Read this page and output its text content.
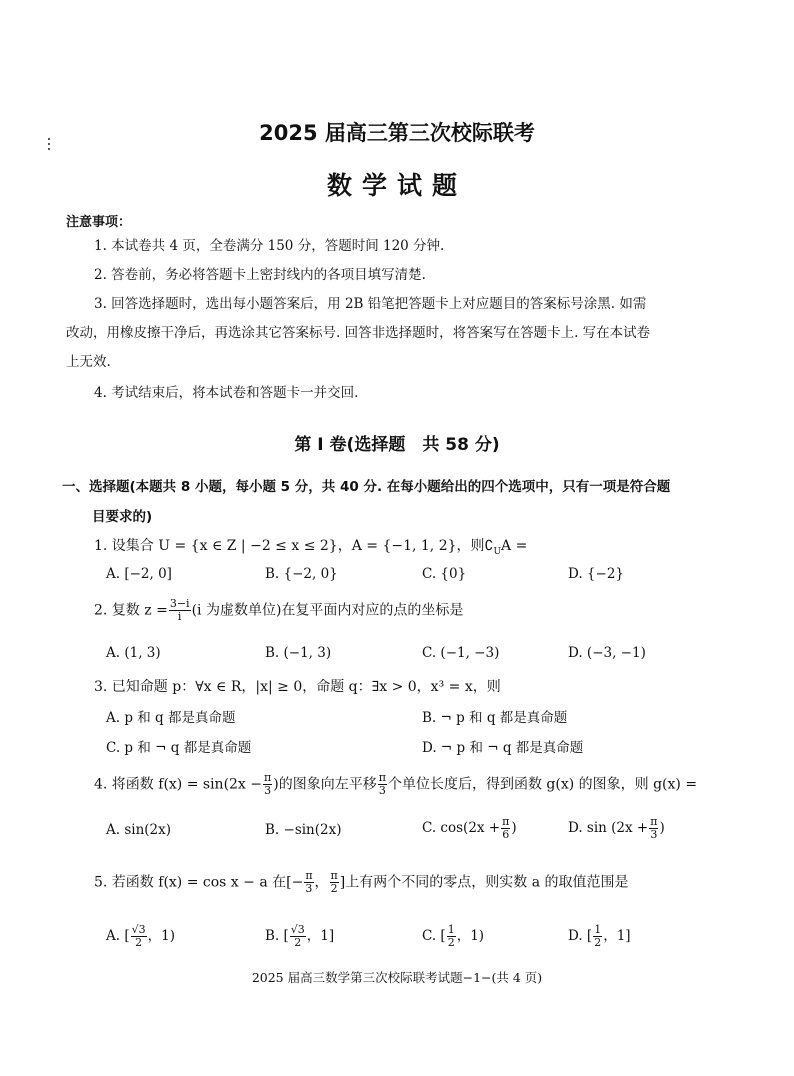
2025 届高三第三次校际联考
数学试题
注意事项：
1. 本试卷共 4 页，全卷满分 150 分，答题时间 120 分钟.
2. 答卷前，务必将答题卡上密封线内的各项目填写清楚.
3. 回答选择题时，选出每小题答案后，用 2B 铅笔把答题卡上对应题目的答案标号涂黑. 如需
改动，用橡皮擦干净后，再选涂其它答案标号. 回答非选择题时，将答案写在答题卡上. 写在本试卷
上无效.
4. 考试结束后，将本试卷和答题卡一并交回.
第 Ⅰ 卷(选择题　共 58 分)
一、选择题(本题共 8 小题，每小题 5 分，共 40 分. 在每小题给出的四个选项中，只有一项是符合题
目要求的)
1. 设集合 U = {x ∈ Z | −2 ≤ x ≤ 2}，A = {−1, 1, 2}，则$∁_UA$ =
A. [−2, 0]	B. {−2, 0}	C. {0}	D. {−2}
2. 复数 $z = \frac{3-i}{i} (i$ 为虚数单位)在复平面内对应的点的坐标是
A. (1, 3)	B. (−1, 3)	C. (−1, −3)	D. (−3, −1)
3. 已知命题 p：∀x ∈ R，|x| ≥ 0，命题 q：∃x > 0，x³ = x，则
A. p 和 q 都是真命题	B. ¬ p 和 q 都是真命题
C. p 和 ¬ q 都是真命题	D. ¬ p 和 ¬ q 都是真命题
4. 将函数 $f(x) = \sin(2x - \frac{\pi}{3}$ )的图象向左平移 $\frac{\pi}{3}$ 个单位长度后，得到函数 g(x) 的图象，则 g(x) =
A. sin(2x)	B. −sin(2x)	C. $\cos(2x + \frac{\pi}{6}$ )	D. $\sin (2x + \frac{\pi}{3}$ )
5. 若函数 f(x) = cos x − a 在[− $\frac{\pi}{3}$ ， $\frac{\pi}{2}$ ]上有两个不同的零点，则实数 a 的取值范围是
A. [ $\frac{√3}{2}$ ，1)	B. [ $\frac{√3}{2}$ ，1]	C. [ $\frac{1}{2}$ ，1)	D. [ $\frac{1}{2}$ ，1]
2025 届高三数学第三次校际联考试题−1−(共 4 页)
